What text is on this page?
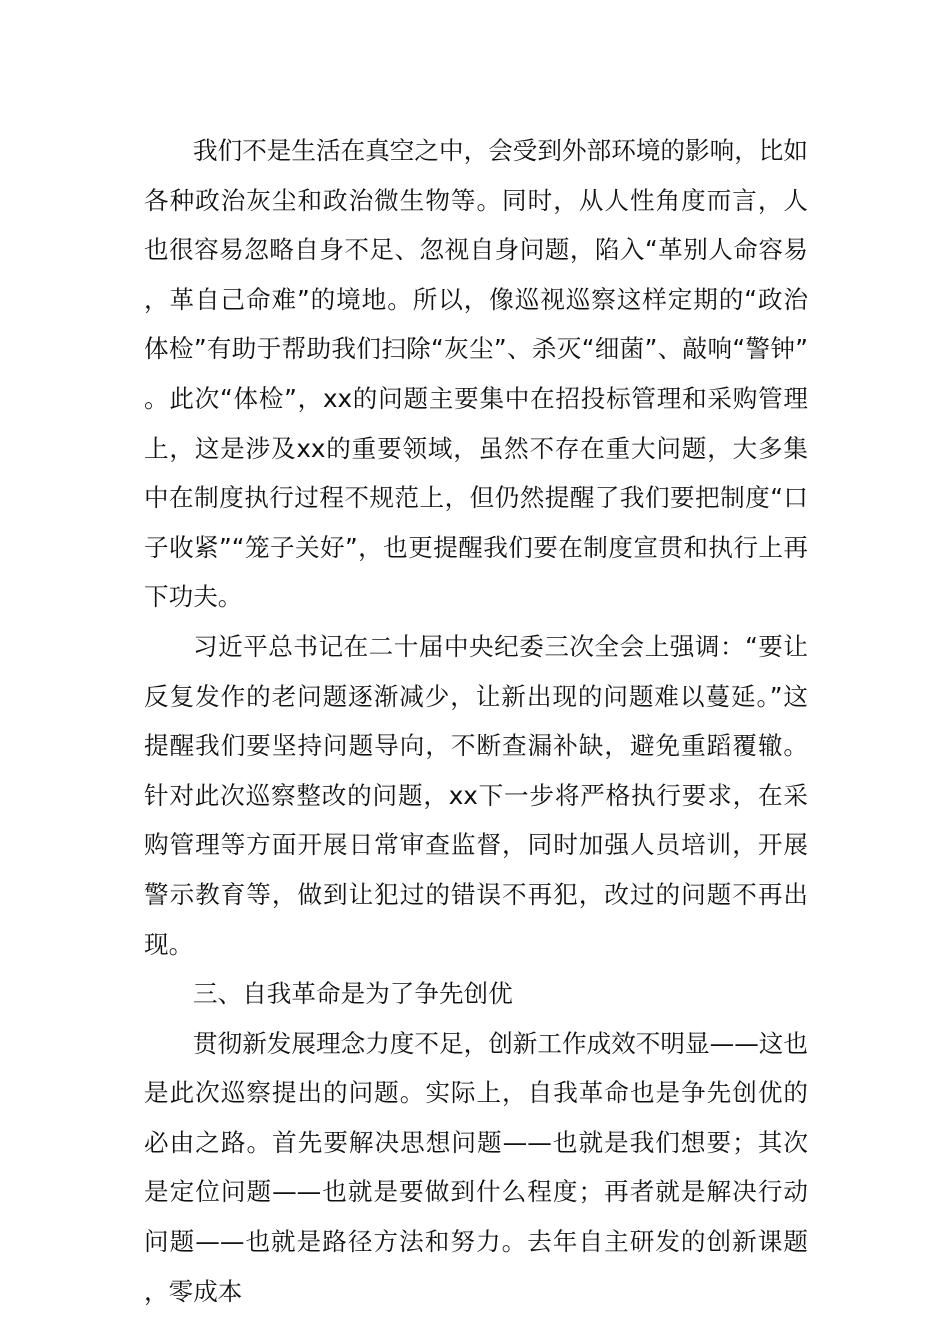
我们不是生活在真空之中，会受到外部环境的影响，比如各种政治灰尘和政治微生物等。同时，从人性角度而言，人也很容易忽略自身不足、忽视自身问题，陷入“革别人命容易，革自己命难”的境地。所以，像巡视巡察这样定期的“政治体检”有助于帮助我们扫除“灰尘”、杀灭“细菌”、敲响“警钟”。此次“体检”，xx的问题主要集中在招投标管理和采购管理上，这是涉及xx的重要领域，虽然不存在重大问题，大多集中在制度执行过程不规范上，但仍然提醒了我们要把制度“口子收紧”“笼子关好”，也更提醒我们要在制度宣贯和执行上再下功夫。

习近平总书记在二十届中央纪委三次全会上强调：“要让反复发作的老问题逐渐减少，让新出现的问题难以蔓延。”这提醒我们要坚持问题导向，不断查漏补缺，避免重蹈覆辙。针对此次巡察整改的问题，xx下一步将严格执行要求，在采购管理等方面开展日常审查监督，同时加强人员培训，开展警示教育等，做到让犯过的错误不再犯，改过的问题不再出现。

三、自我革命是为了争先创优

贯彻新发展理念力度不足，创新工作成效不明显——这也是此次巡察提出的问题。实际上，自我革命也是争先创优的必由之路。首先要解决思想问题——也就是我们想要；其次是定位问题——也就是要做到什么程度；再者就是解决行动问题——也就是路径方法和努力。去年自主研发的创新课题，零成本
